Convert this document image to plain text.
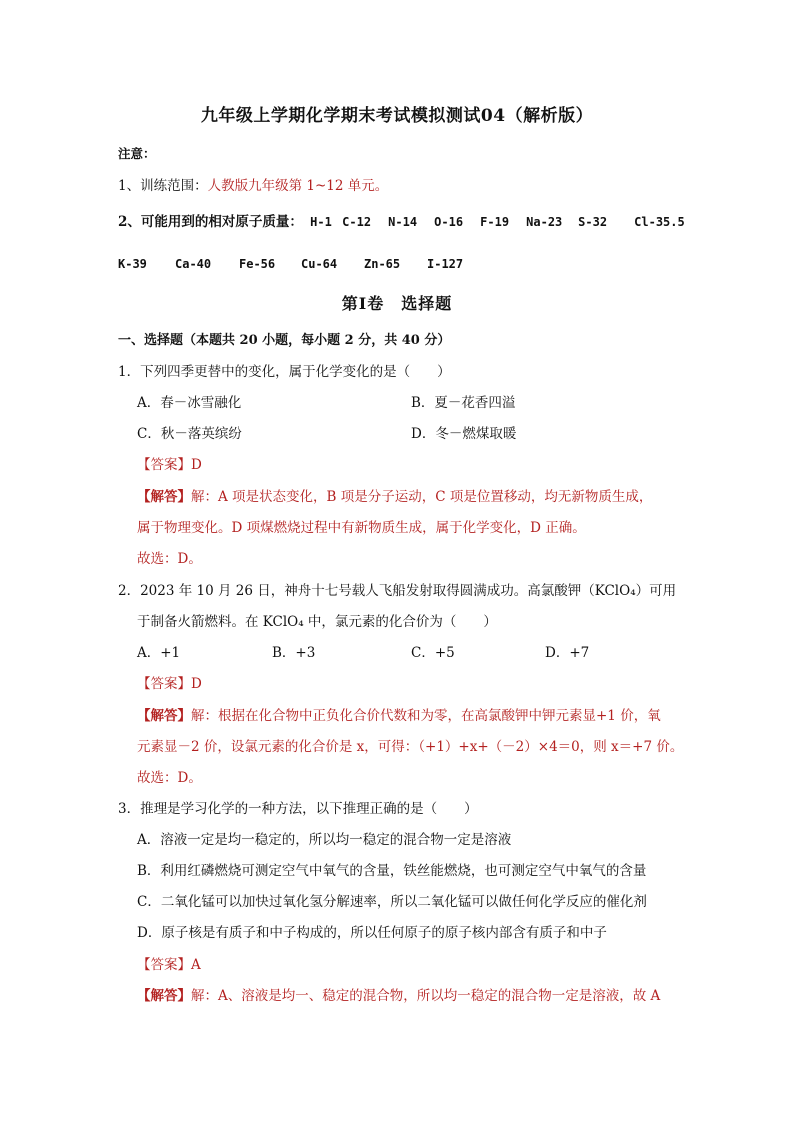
九年级上学期化学期末考试模拟测试04（解析版）
注意：
1、训练范围：人教版九年级第 1~12 单元。
2、可能用到的相对原子质量： H-1 C-12 N-14 O-16 F-19 Na-23 S-32 Cl-35.5
K-39 Ca-40 Fe-56 Cu-64 Zn-65 I-127
第Ⅰ卷　选择题
一、选择题（本题共 20 小题，每小题 2 分，共 40 分）
1．下列四季更替中的变化，属于化学变化的是（　　）
A．春－冰雪融化	B．夏－花香四溢
C．秋－落英缤纷	D．冬－燃煤取暖
【答案】D
【解答】解：A 项是状态变化，B 项是分子运动，C 项是位置移动，均无新物质生成，
属于物理变化。D 项煤燃烧过程中有新物质生成，属于化学变化，D 正确。
故选：D。
2．2023 年 10 月 26 日，神舟十七号载人飞船发射取得圆满成功。高氯酸钾（KClO₄）可用
于制备火箭燃料。在 KClO₄ 中，氯元素的化合价为（　　）
A．+1	B．+3	C．+5	D．+7
【答案】D
【解答】解：根据在化合物中正负化合价代数和为零，在高氯酸钾中钾元素显+1 价，氧
元素显－2 价，设氯元素的化合价是 x，可得：（+1）+x+（－2）×4＝0，则 x＝+7 价。
故选：D。
3．推理是学习化学的一种方法，以下推理正确的是（　　）
A．溶液一定是均一稳定的，所以均一稳定的混合物一定是溶液
B．利用红磷燃烧可测定空气中氧气的含量，铁丝能燃烧，也可测定空气中氧气的含量
C．二氧化锰可以加快过氧化氢分解速率，所以二氧化锰可以做任何化学反应的催化剂
D．原子核是有质子和中子构成的，所以任何原子的原子核内部含有质子和中子
【答案】A
【解答】解：A、溶液是均一、稳定的混合物，所以均一稳定的混合物一定是溶液，故 A
